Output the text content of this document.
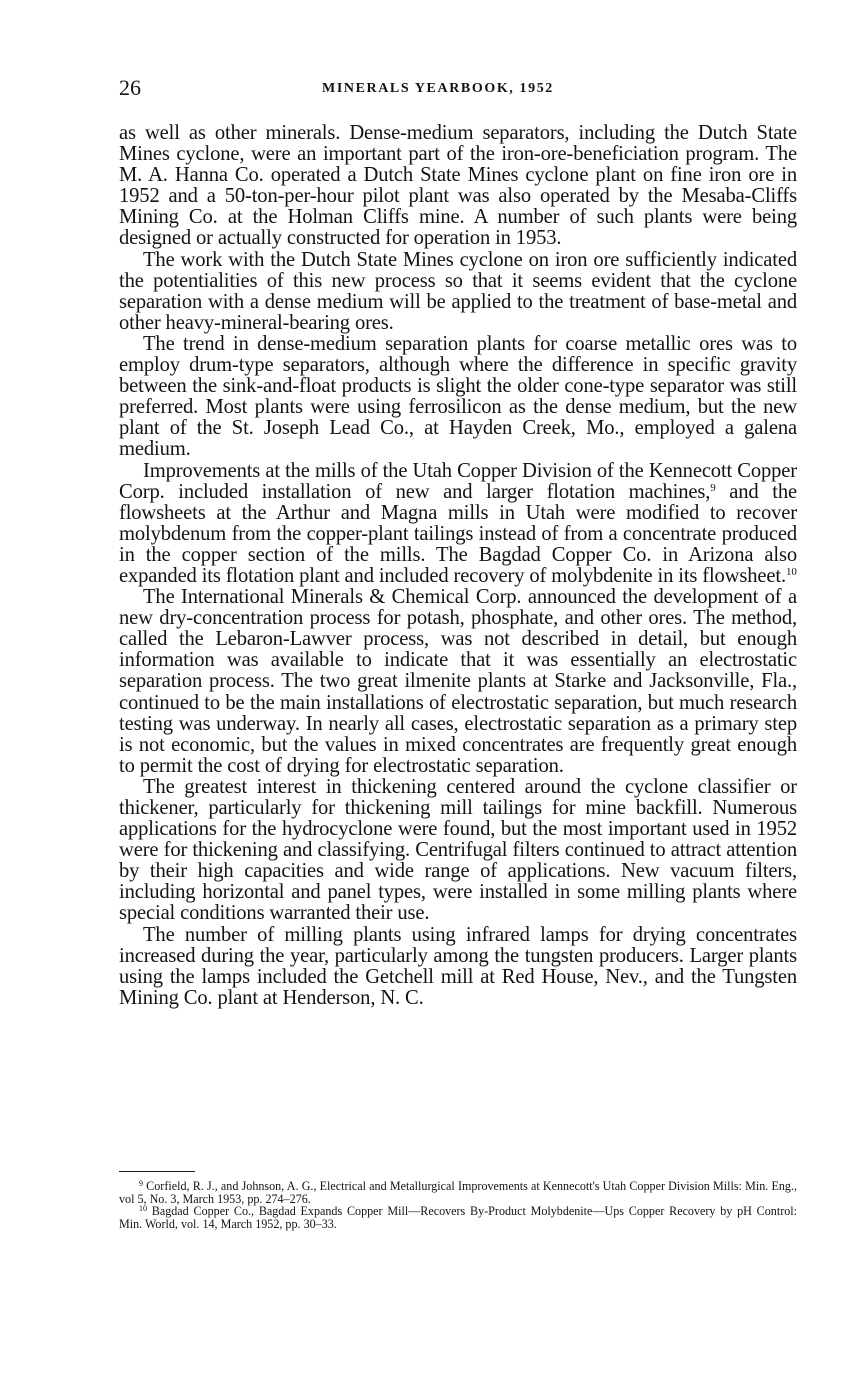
26	MINERALS YEARBOOK, 1952

as well as other minerals. Dense-medium separators, including the Dutch State Mines cyclone, were an important part of the iron-ore-beneficiation program. The M. A. Hanna Co. operated a Dutch State Mines cyclone plant on fine iron ore in 1952 and a 50-ton-per-hour pilot plant was also operated by the Mesaba-Cliffs Mining Co. at the Holman Cliffs mine. A number of such plants were being designed or actually constructed for operation in 1953.

The work with the Dutch State Mines cyclone on iron ore sufficiently indicated the potentialities of this new process so that it seems evident that the cyclone separation with a dense medium will be applied to the treatment of base-metal and other heavy-mineral-bearing ores.

The trend in dense-medium separation plants for coarse metallic ores was to employ drum-type separators, although where the difference in specific gravity between the sink-and-float products is slight the older cone-type separator was still preferred. Most plants were using ferrosilicon as the dense medium, but the new plant of the St. Joseph Lead Co., at Hayden Creek, Mo., employed a galena medium.

Improvements at the mills of the Utah Copper Division of the Kennecott Copper Corp. included installation of new and larger flotation machines,$^9$ and the flowsheets at the Arthur and Magna mills in Utah were modified to recover molybdenum from the copper-plant tailings instead of from a concentrate produced in the copper section of the mills. The Bagdad Copper Co. in Arizona also expanded its flotation plant and included recovery of molybdenite in its flowsheet.$^{10}$

The International Minerals & Chemical Corp. announced the development of a new dry-concentration process for potash, phosphate, and other ores. The method, called the Lebaron-Lawver process, was not described in detail, but enough information was available to indicate that it was essentially an electrostatic separation process. The two great ilmenite plants at Starke and Jacksonville, Fla., continued to be the main installations of electrostatic separation, but much research testing was underway. In nearly all cases, electrostatic separation as a primary step is not economic, but the values in mixed concentrates are frequently great enough to permit the cost of drying for electrostatic separation.

The greatest interest in thickening centered around the cyclone classifier or thickener, particularly for thickening mill tailings for mine backfill. Numerous applications for the hydrocyclone were found, but the most important used in 1952 were for thickening and classifying. Centrifugal filters continued to attract attention by their high capacities and wide range of applications. New vacuum filters, including horizontal and panel types, were installed in some milling plants where special conditions warranted their use.

The number of milling plants using infrared lamps for drying concentrates increased during the year, particularly among the tungsten producers. Larger plants using the lamps included the Getchell mill at Red House, Nev., and the Tungsten Mining Co. plant at Henderson, N. C.

$^9$ Corfield, R. J., and Johnson, A. G., Electrical and Metallurgical Improvements at Kennecott's Utah Copper Division Mills: Min. Eng., vol 5, No. 3, March 1953, pp. 274–276.

$^{10}$ Bagdad Copper Co., Bagdad Expands Copper Mill—Recovers By-Product Molybdenite—Ups Copper Recovery by pH Control: Min. World, vol. 14, March 1952, pp. 30–33.
